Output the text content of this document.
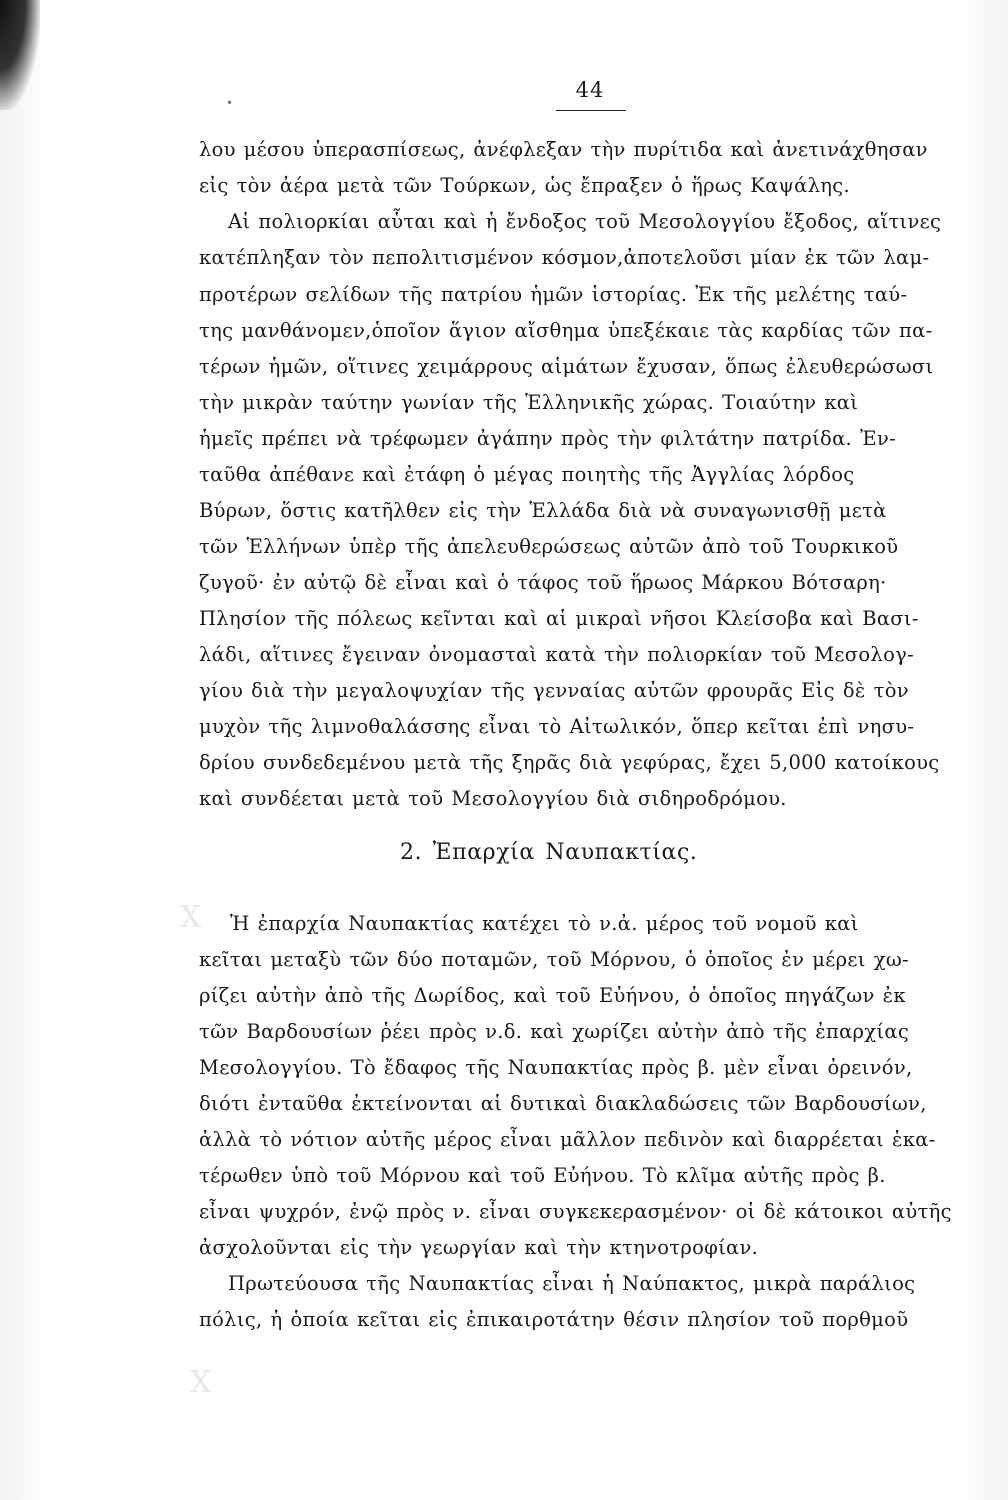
44
•
λου μέσου ὑπερασπίσεως, ἀνέφλεξαν τὴν πυρίτιδα καὶ ἀνετινάχθησαν
εἰς τὸν ἀέρα μετὰ τῶν Τούρκων, ὡς ἔπραξεν ὁ ἥρως Καψάλης.
Αἱ πολιορκίαι αὗται καὶ ἡ ἔνδοξος τοῦ Μεσολογγίου ἔξοδος, αἵτινες
κατέπληξαν τὸν πεπολιτισμένον κόσμον,ἀποτελοῦσι μίαν ἐκ τῶν λαμ-
προτέρων σελίδων τῆς πατρίου ἡμῶν ἱστορίας. Ἐκ τῆς μελέτης ταύ-
της μανθάνομεν,ὁποῖον ἅγιον αἴσθημα ὑπεξέκαιε τὰς καρδίας τῶν πα-
τέρων ἡμῶν, οἵτινες χειμάρρους αἱμάτων ἔχυσαν, ὅπως ἐλευθερώσωσι
τὴν μικρὰν ταύτην γωνίαν τῆς Ἑλληνικῆς χώρας. Τοιαύτην καὶ
ἡμεῖς πρέπει νὰ τρέφωμεν ἀγάπην πρὸς τὴν φιλτάτην πατρίδα. Ἐν-
ταῦθα ἀπέθανε καὶ ἐτάφη ὁ μέγας ποιητὴς τῆς Ἀγγλίας λόρδος
Βύρων, ὅστις κατῆλθεν εἰς τὴν Ἑλλάδα διὰ νὰ συναγωνισθῇ μετὰ
τῶν Ἑλλήνων ὑπὲρ τῆς ἀπελευθερώσεως αὐτῶν ἀπὸ τοῦ Τουρκικοῦ
ζυγοῦ· ἐν αὐτῷ δὲ εἶναι καὶ ὁ τάφος τοῦ ἥρωος Μάρκου Βότσαρη·
Πλησίον τῆς πόλεως κεῖνται καὶ αἱ μικραὶ νῆσοι Κλείσοβα καὶ Βασι-
λάδι, αἵτινες ἔγειναν ὀνομασταὶ κατὰ τὴν πολιορκίαν τοῦ Μεσολογ-
γίου διὰ τὴν μεγαλοψυχίαν τῆς γενναίας αὐτῶν φρουρᾶς Εἰς δὲ τὸν
μυχὸν τῆς λιμνοθαλάσσης εἶναι τὸ Αἰτωλικόν, ὅπερ κεῖται ἐπὶ νησυ-
δρίου συνδεδεμένου μετὰ τῆς ξηρᾶς διὰ γεφύρας, ἔχει 5,000 κατοίκους
καὶ συνδέεται μετὰ τοῦ Μεσολογγίου διὰ σιδηροδρόμου.
2. Ἐπαρχία Ναυπακτίας.
Ἡ ἐπαρχία Ναυπακτίας κατέχει τὸ ν.ἀ. μέρος τοῦ νομοῦ καὶ
κεῖται μεταξὺ τῶν δύο ποταμῶν, τοῦ Μόρνου, ὁ ὁποῖος ἐν μέρει χω-
ρίζει αὐτὴν ἀπὸ τῆς Δωρίδος, καὶ τοῦ Εὐήνου, ὁ ὁποῖος πηγάζων ἐκ
τῶν Βαρδουσίων ῥέει πρὸς ν.δ. καὶ χωρίζει αὐτὴν ἀπὸ τῆς ἐπαρχίας
Μεσολογγίου. Τὸ ἔδαφος τῆς Ναυπακτίας πρὸς β. μὲν εἶναι ὀρεινόν,
διότι ἐνταῦθα ἐκτείνονται αἱ δυτικαὶ διακλαδώσεις τῶν Βαρδουσίων,
ἀλλὰ τὸ νότιον αὐτῆς μέρος εἶναι μᾶλλον πεδινὸν καὶ διαρρέεται ἑκα-
τέρωθεν ὑπὸ τοῦ Μόρνου καὶ τοῦ Εὐήνου. Τὸ κλῖμα αὐτῆς πρὸς β.
εἶναι ψυχρόν, ἐνῷ πρὸς ν. εἶναι συγκεκερασμένον· οἱ δὲ κάτοικοι αὐτῆς
ἀσχολοῦνται εἰς τὴν γεωργίαν καὶ τὴν κτηνοτροφίαν.
Πρωτεύουσα τῆς Ναυπακτίας εἶναι ἡ Ναύπακτος, μικρὰ παράλιος
πόλις, ἡ ὁποία κεῖται εἰς ἐπικαιροτάτην θέσιν πλησίον τοῦ πορθμοῦ
X
X
